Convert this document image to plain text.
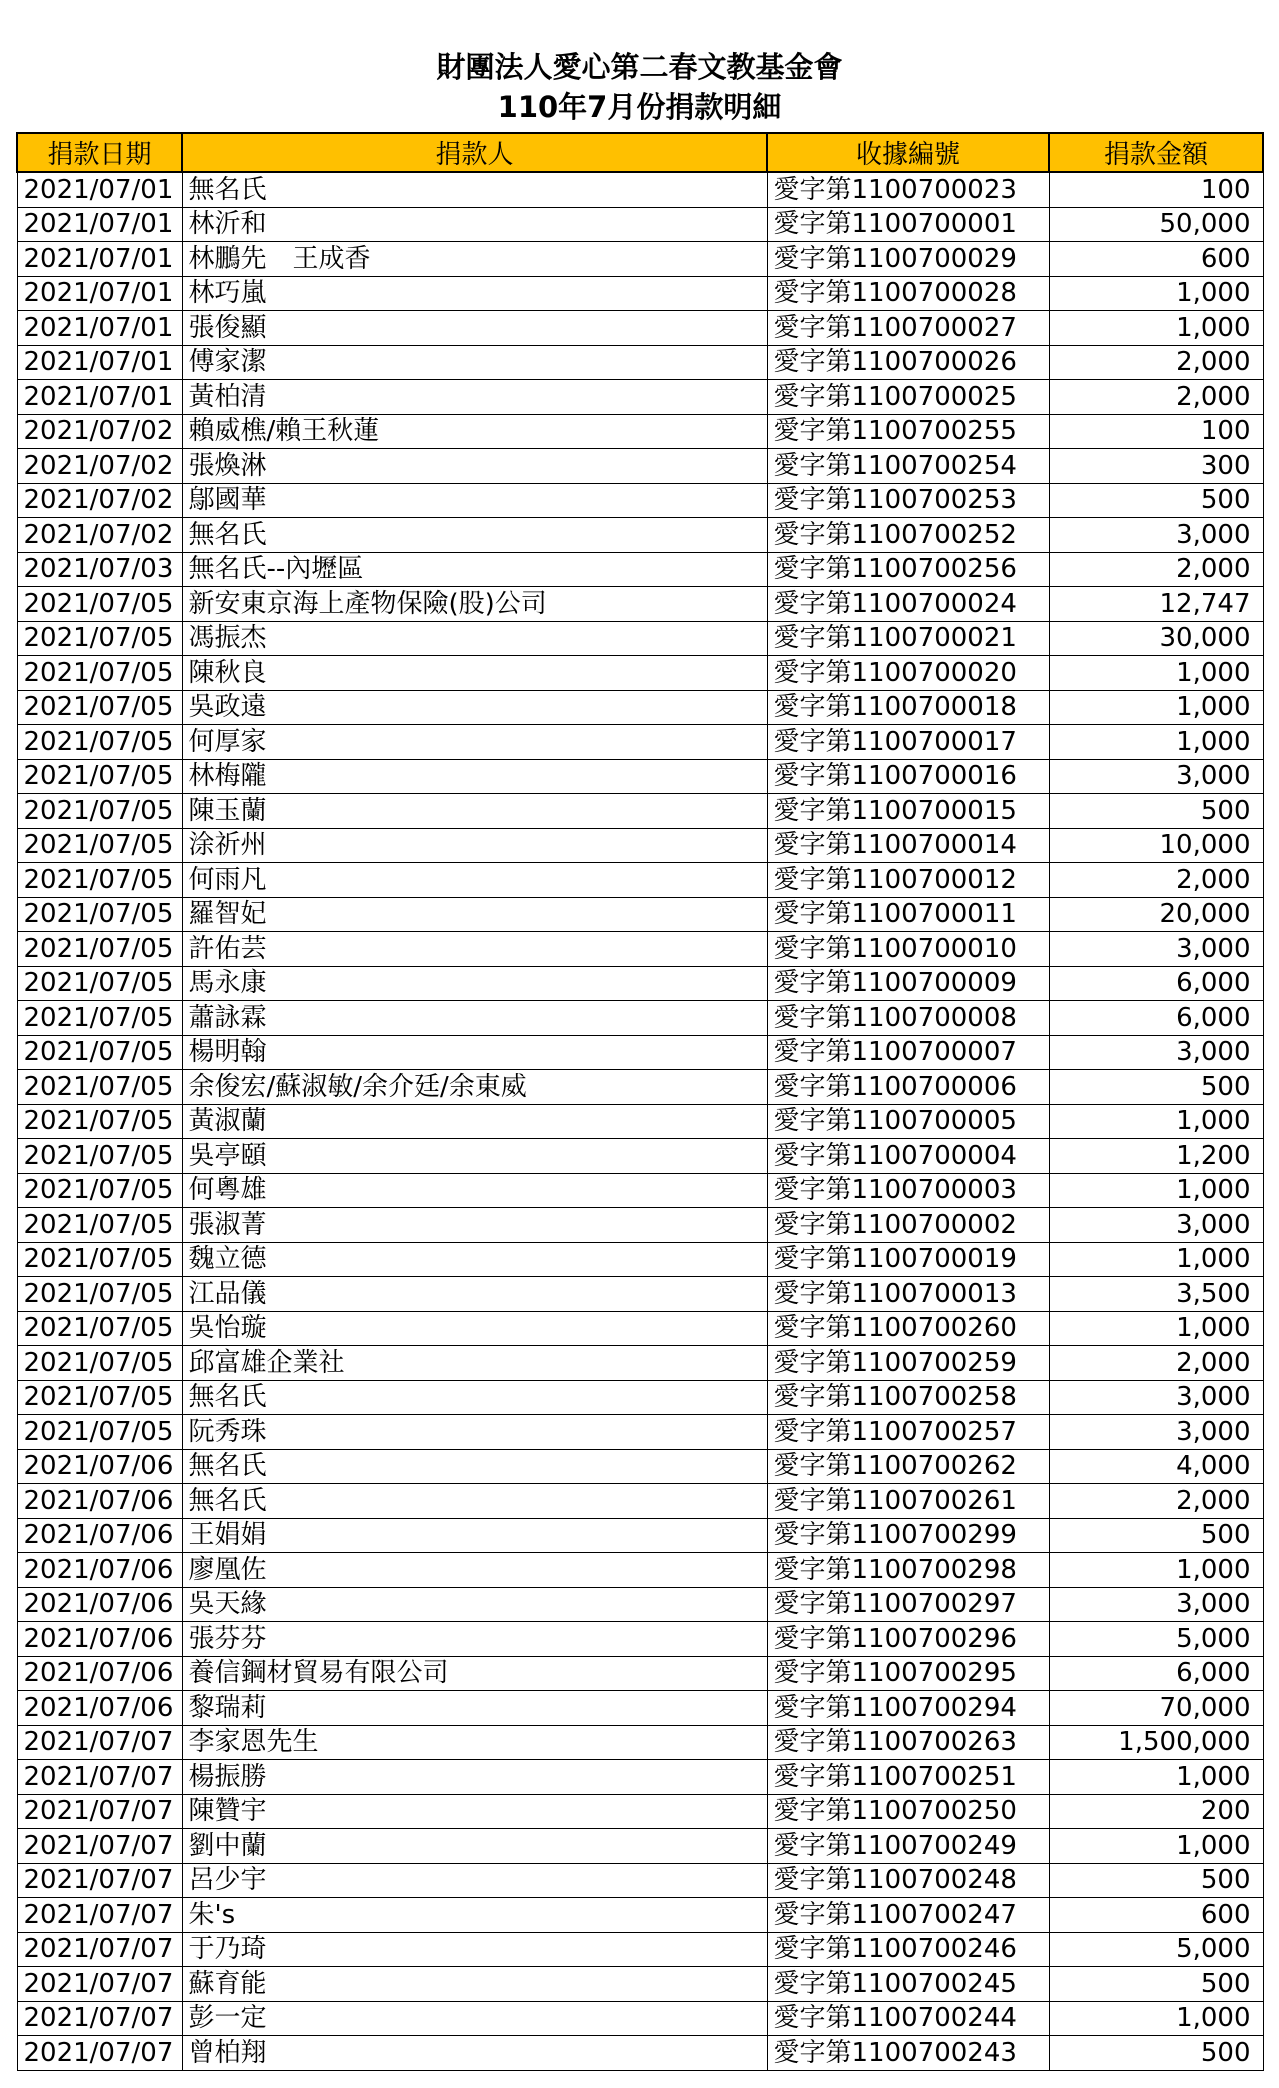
財團法人愛心第二春文教基金會
110年7月份捐款明細
捐款日期	捐款人	收據編號	捐款金額
2021/07/01	無名氏	愛字第1100700023	100
2021/07/01	林沂和	愛字第1100700001	50,000
2021/07/01	林鵬先　王成香	愛字第1100700029	600
2021/07/01	林巧嵐	愛字第1100700028	1,000
2021/07/01	張俊顯	愛字第1100700027	1,000
2021/07/01	傅家潔	愛字第1100700026	2,000
2021/07/01	黃柏清	愛字第1100700025	2,000
2021/07/02	賴威樵/賴王秋蓮	愛字第1100700255	100
2021/07/02	張煥淋	愛字第1100700254	300
2021/07/02	鄔國華	愛字第1100700253	500
2021/07/02	無名氏	愛字第1100700252	3,000
2021/07/03	無名氏--內壢區	愛字第1100700256	2,000
2021/07/05	新安東京海上產物保險(股)公司	愛字第1100700024	12,747
2021/07/05	馮振杰	愛字第1100700021	30,000
2021/07/05	陳秋良	愛字第1100700020	1,000
2021/07/05	吳政遠	愛字第1100700018	1,000
2021/07/05	何厚家	愛字第1100700017	1,000
2021/07/05	林梅隴	愛字第1100700016	3,000
2021/07/05	陳玉蘭	愛字第1100700015	500
2021/07/05	涂祈州	愛字第1100700014	10,000
2021/07/05	何雨凡	愛字第1100700012	2,000
2021/07/05	羅智妃	愛字第1100700011	20,000
2021/07/05	許佑芸	愛字第1100700010	3,000
2021/07/05	馬永康	愛字第1100700009	6,000
2021/07/05	蕭詠霖	愛字第1100700008	6,000
2021/07/05	楊明翰	愛字第1100700007	3,000
2021/07/05	余俊宏/蘇淑敏/余介廷/余東威	愛字第1100700006	500
2021/07/05	黃淑蘭	愛字第1100700005	1,000
2021/07/05	吳亭頤	愛字第1100700004	1,200
2021/07/05	何粵雄	愛字第1100700003	1,000
2021/07/05	張淑菁	愛字第1100700002	3,000
2021/07/05	魏立德	愛字第1100700019	1,000
2021/07/05	江品儀	愛字第1100700013	3,500
2021/07/05	吳怡璇	愛字第1100700260	1,000
2021/07/05	邱富雄企業社	愛字第1100700259	2,000
2021/07/05	無名氏	愛字第1100700258	3,000
2021/07/05	阮秀珠	愛字第1100700257	3,000
2021/07/06	無名氏	愛字第1100700262	4,000
2021/07/06	無名氏	愛字第1100700261	2,000
2021/07/06	王娟娟	愛字第1100700299	500
2021/07/06	廖凰佐	愛字第1100700298	1,000
2021/07/06	吳天緣	愛字第1100700297	3,000
2021/07/06	張芬芬	愛字第1100700296	5,000
2021/07/06	養信鋼材貿易有限公司	愛字第1100700295	6,000
2021/07/06	黎瑞莉	愛字第1100700294	70,000
2021/07/07	李家恩先生	愛字第1100700263	1,500,000
2021/07/07	楊振勝	愛字第1100700251	1,000
2021/07/07	陳贊宇	愛字第1100700250	200
2021/07/07	劉中蘭	愛字第1100700249	1,000
2021/07/07	呂少宇	愛字第1100700248	500
2021/07/07	朱's	愛字第1100700247	600
2021/07/07	于乃琦	愛字第1100700246	5,000
2021/07/07	蘇育能	愛字第1100700245	500
2021/07/07	彭一定	愛字第1100700244	1,000
2021/07/07	曾柏翔	愛字第1100700243	500
